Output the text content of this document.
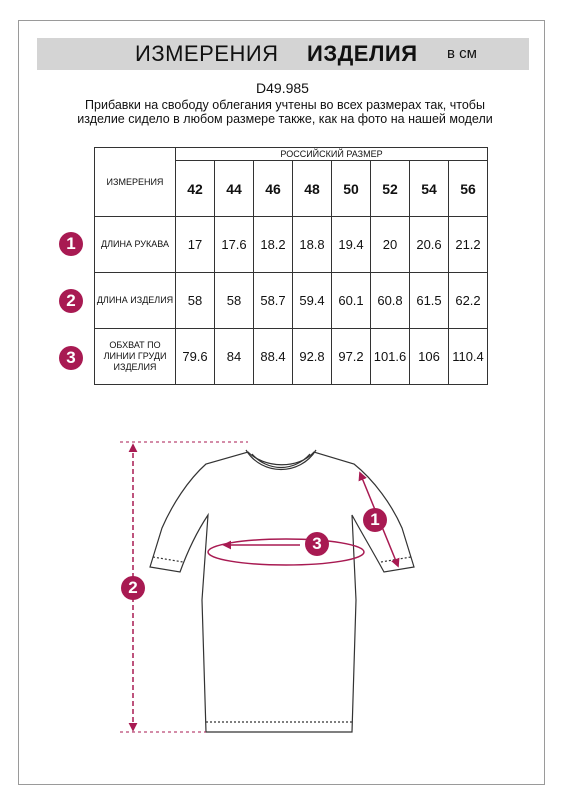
ИЗМЕРЕНИЯ ИЗДЕЛИЯ в см
D49.985
Прибавки на свободу облегания учтены во всех размерах так, чтобы изделие сидело в любом размере также, как на фото на нашей модели
ИЗМЕРЕНИЯ	РОССИЙСКИЙ РАЗМЕР							
	42	44	46	48	50	52	54	56
ДЛИНА РУКАВА	17	17.6	18.2	18.8	19.4	20	20.6	21.2
ДЛИНА ИЗДЕЛИЯ	58	58	58.7	59.4	60.1	60.8	61.5	62.2
ОБХВАТ ПО ЛИНИИ ГРУДИ ИЗДЕЛИЯ	79.6	84	88.4	92.8	97.2	101.6	106	110.4
1
2
3
1
2
3
